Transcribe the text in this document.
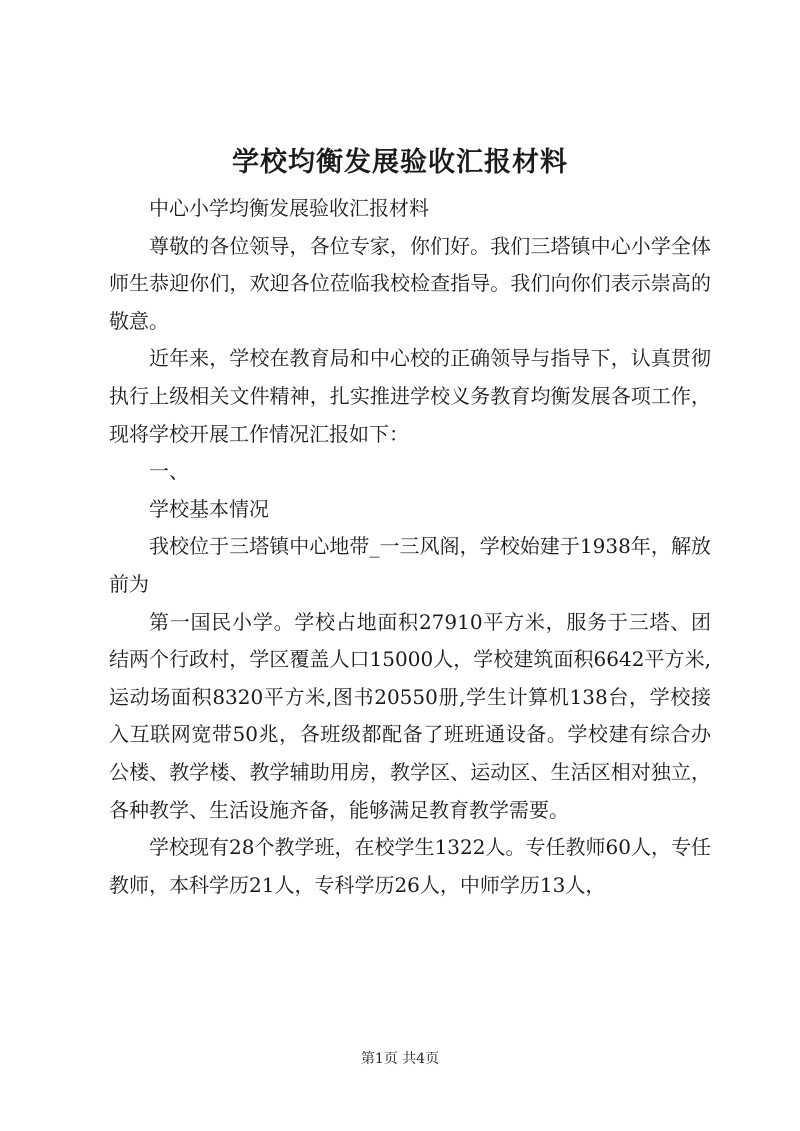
学校均衡发展验收汇报材料

中心小学均衡发展验收汇报材料

尊敬的各位领导，各位专家，你们好。我们三塔镇中心小学全体师生恭迎你们，欢迎各位莅临我校检查指导。我们向你们表示崇高的敬意。

近年来，学校在教育局和中心校的正确领导与指导下，认真贯彻执行上级相关文件精神，扎实推进学校义务教育均衡发展各项工作，现将学校开展工作情况汇报如下：

一、

学校基本情况

我校位于三塔镇中心地带_一三风阁，学校始建于1938年，解放前为

第一国民小学。学校占地面积27910平方米，服务于三塔、团结两个行政村，学区覆盖人口15000人，学校建筑面积6642平方米,运动场面积8320平方米,图书20550册,学生计算机138台，学校接入互联网宽带50兆，各班级都配备了班班通设备。学校建有综合办公楼、教学楼、教学辅助用房，教学区、运动区、生活区相对独立，各种教学、生活设施齐备，能够满足教育教学需要。

学校现有28个教学班，在校学生1322人。专任教师60人，专任教师，本科学历21人，专科学历26人，中师学历13人，

第1页 共4页
